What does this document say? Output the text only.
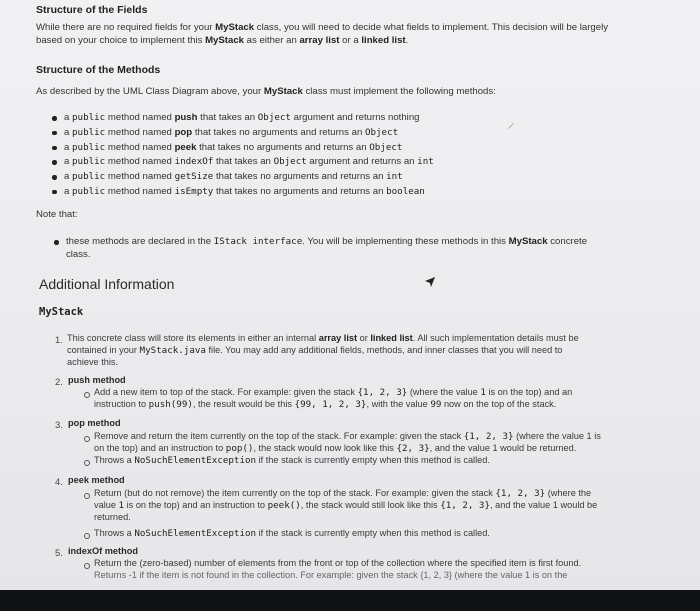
Structure of the Fields
While there are no required fields for your MyStack class, you will need to decide what fields to implement. This decision will be largely
based on your choice to implement this MyStack as either an array list or a linked list.
Structure of the Methods
As described by the UML Class Diagram above, your MyStack class must implement the following methods:
a public method named push that takes an Object argument and returns nothing
a public method named pop that takes no arguments and returns an Object
a public method named peek that takes no arguments and returns an Object
a public method named indexOf that takes an Object argument and returns an int
a public method named getSize that takes no arguments and returns an int
a public method named isEmpty that takes no arguments and returns an boolean
Note that:
these methods are declared in the IStack interface. You will be implementing these methods in this MyStack concrete
class.
Additional Information
MyStack
1. This concrete class will store its elements in either an internal array list or linked list. All such implementation details must be
contained in your MyStack.java file. You may add any additional fields, methods, and inner classes that you will need to
achieve this.
2. push method
Add a new item to top of the stack. For example: given the stack {1, 2, 3} (where the value 1 is on the top) and an
instruction to push(99), the result would be this {99, 1, 2, 3}, with the value 99 now on the top of the stack.
3. pop method
Remove and return the item currently on the top of the stack. For example: given the stack {1, 2, 3} (where the value 1 is
on the top) and an instruction to pop(), the stack would now look like this {2, 3}, and the value 1 would be returned.
Throws a NoSuchElementException if the stack is currently empty when this method is called.
4. peek method
Return (but do not remove) the item currently on the top of the stack. For example: given the stack {1, 2, 3} (where the
value 1 is on the top) and an instruction to peek(), the stack would still look like this {1, 2, 3}, and the value 1 would be
returned.
Throws a NoSuchElementException if the stack is currently empty when this method is called.
5. indexOf method
Return the (zero-based) number of elements from the front or top of the collection where the specified item is first found.
Returns -1 if the item is not found in the collection. For example: given the stack {1, 2, 3} (where the value 1 is on the
